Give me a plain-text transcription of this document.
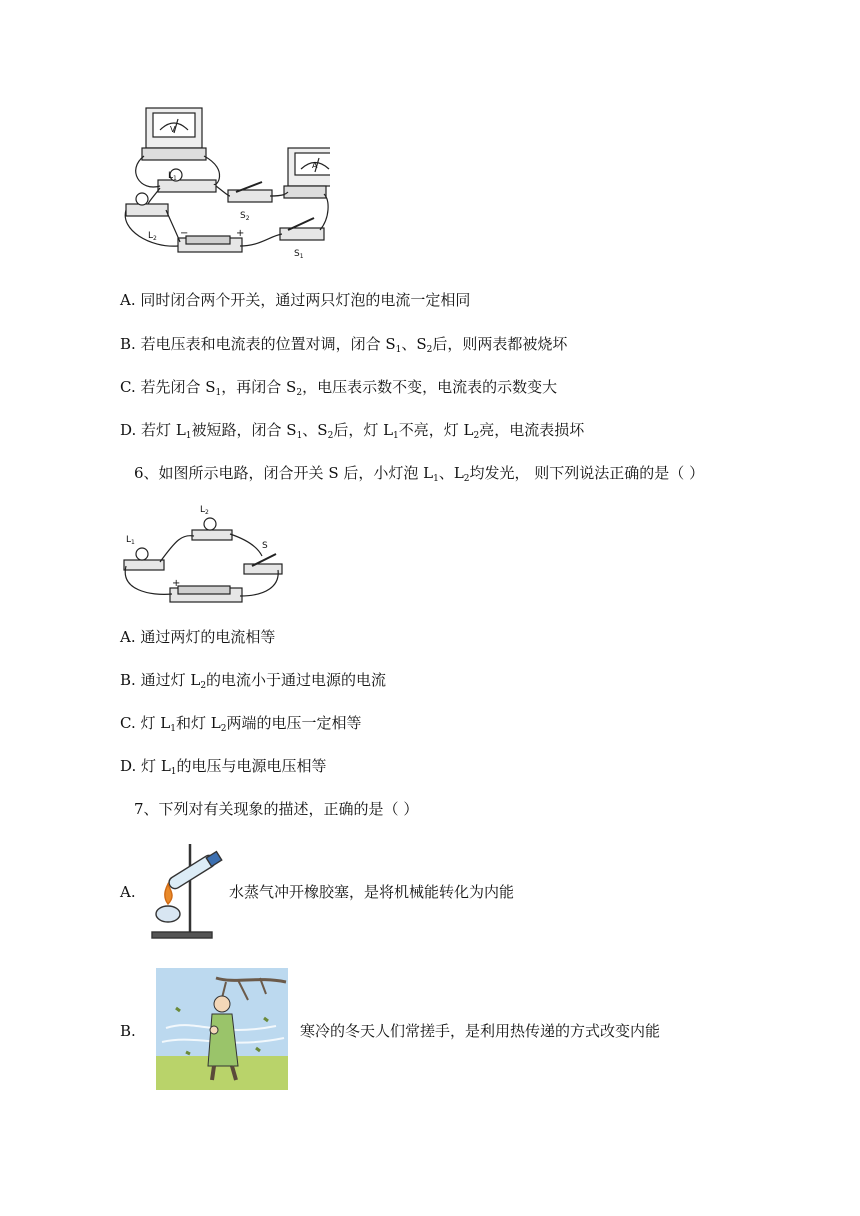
$L_1$
$L_2$
$S_2$
$S_1$
V
A
−	+
A. 同时闭合两个开关，通过两只灯泡的电流一定相同
B. 若电压表和电流表的位置对调，闭合 $S_1$、$S_2$后，则两表都被烧坏
C. 若先闭合 $S_1$，再闭合 $S_2$，电压表示数不变，电流表的示数变大
D. 若灯 $L_1$被短路，闭合 $S_1$、$S_2$后，灯 $L_1$不亮，灯 $L_2$亮，电流表损坏
6、如图所示电路，闭合开关 S 后，小灯泡 $L_1$、$L_2$均发光， 则下列说法正确的是（ ）
$L_1$
$L_2$
S
+
A. 通过两灯的电流相等
B. 通过灯 $L_2$的电流小于通过电源的电流
C. 灯 $L_1$和灯 $L_2$两端的电压一定相等
D. 灯 $L_1$的电压与电源电压相等
7、下列对有关现象的描述，正确的是（ ）
A.	水蒸气冲开橡胶塞，是将机械能转化为内能
B.	寒冷的冬天人们常搓手，是利用热传递的方式改变内能
